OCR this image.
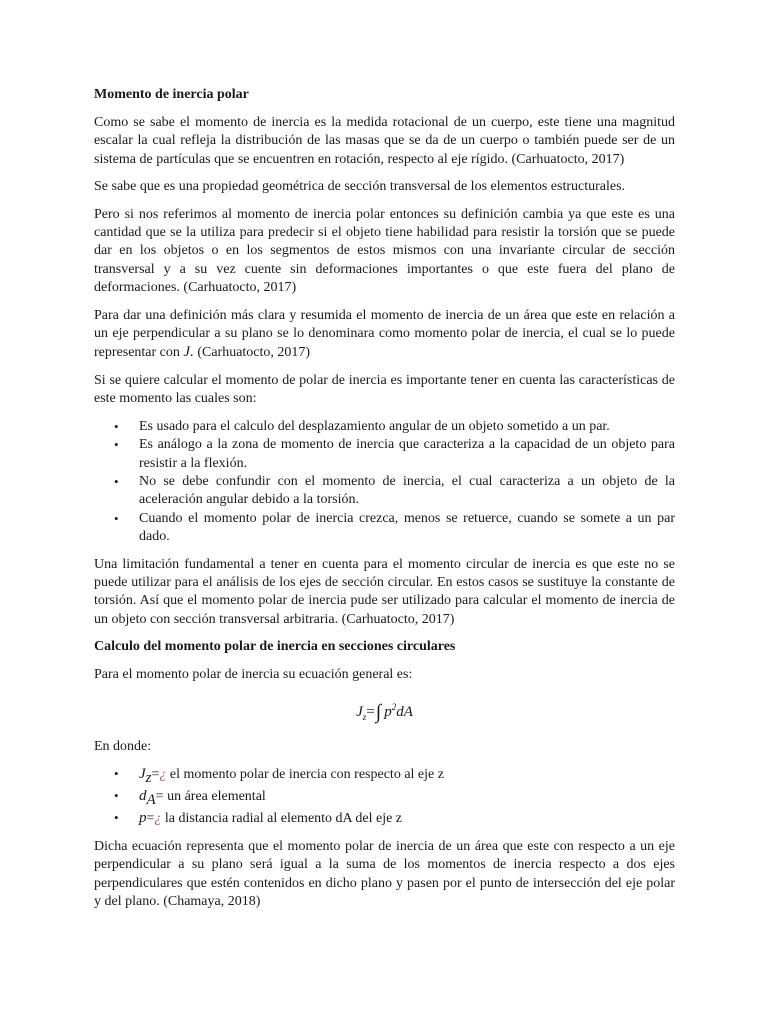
Momento de inercia polar

Como se sabe el momento de inercia es la medida rotacional de un cuerpo, este tiene una magnitud escalar la cual refleja la distribución de las masas que se da de un cuerpo o también puede ser de un sistema de partículas que se encuentren en rotación, respecto al eje rígido. (Carhuatocto, 2017)

Se sabe que es una propiedad geométrica de sección transversal de los elementos estructurales.

Pero si nos referimos al momento de inercia polar entonces su definición cambia ya que este es una cantidad que se la utiliza para predecir si el objeto tiene habilidad para resistir la torsión que se puede dar en los objetos o en los segmentos de estos mismos con una invariante circular de sección transversal y a su vez cuente sin deformaciones importantes o que este fuera del plano de deformaciones. (Carhuatocto, 2017)

Para dar una definición más clara y resumida el momento de inercia de un área que este en relación a un eje perpendicular a su plano se lo denominara como momento polar de inercia, el cual se lo puede representar con J. (Carhuatocto, 2017)

Si se quiere calcular el momento de polar de inercia es importante tener en cuenta las características de este momento las cuales son:

• Es usado para el calculo del desplazamiento angular de un objeto sometido a un par.
• Es análogo a la zona de momento de inercia que caracteriza a la capacidad de un objeto para resistir a la flexión.
• No se debe confundir con el momento de inercia, el cual caracteriza a un objeto de la aceleración angular debido a la torsión.
• Cuando el momento polar de inercia crezca, menos se retuerce, cuando se somete a un par dado.

Una limitación fundamental a tener en cuenta para el momento circular de inercia es que este no se puede utilizar para el análisis de los ejes de sección circular. En estos casos se sustituye la constante de torsión. Así que el momento polar de inercia pude ser utilizado para calcular el momento de inercia de un objeto con sección transversal arbitraria. (Carhuatocto, 2017)

Calculo del momento polar de inercia en secciones circulares

Para el momento polar de inercia su ecuación general es:

$J_z=\int$ $p^2dA$

En donde:

• $J_z=¿$ el momento polar de inercia con respecto al eje z
• $d_A=$ un área elemental
• p=¿ la distancia radial al elemento dA del eje z

Dicha ecuación representa que el momento polar de inercia de un área que este con respecto a un eje perpendicular a su plano será igual a la suma de los momentos de inercia respecto a dos ejes perpendiculares que estén contenidos en dicho plano y pasen por el punto de intersección del eje polar y del plano. (Chamaya, 2018)
